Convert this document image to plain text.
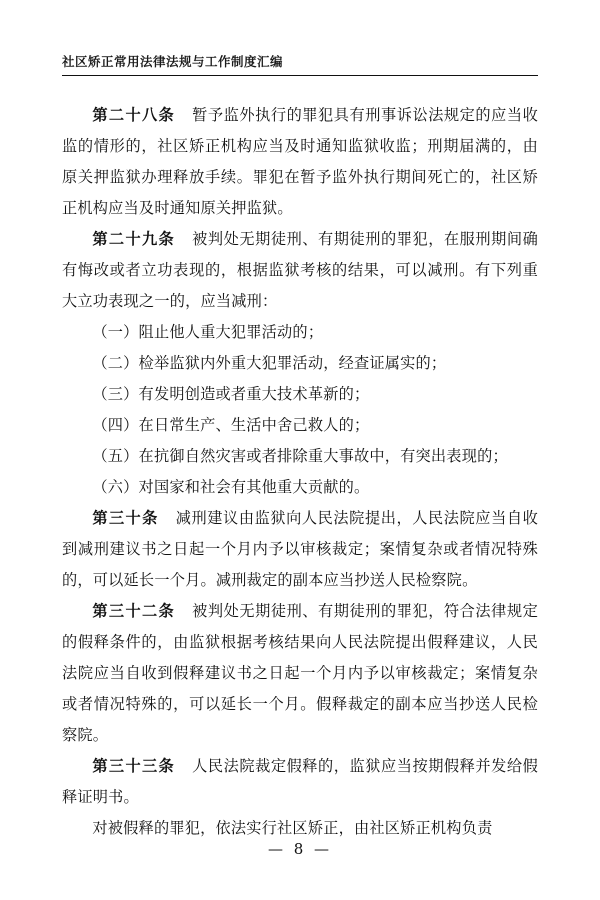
社区矫正常用法律法规与工作制度汇编

第二十八条 暂予监外执行的罪犯具有刑事诉讼法规定的应当收监的情形的，社区矫正机构应当及时通知监狱收监；刑期届满的，由原关押监狱办理释放手续。罪犯在暂予监外执行期间死亡的，社区矫正机构应当及时通知原关押监狱。

第二十九条 被判处无期徒刑、有期徒刑的罪犯，在服刑期间确有悔改或者立功表现的，根据监狱考核的结果，可以减刑。有下列重大立功表现之一的，应当减刑：

（一）阻止他人重大犯罪活动的；

（二）检举监狱内外重大犯罪活动，经查证属实的；

（三）有发明创造或者重大技术革新的；

（四）在日常生产、生活中舍己救人的；

（五）在抗御自然灾害或者排除重大事故中，有突出表现的；

（六）对国家和社会有其他重大贡献的。

第三十条 减刑建议由监狱向人民法院提出，人民法院应当自收到减刑建议书之日起一个月内予以审核裁定；案情复杂或者情况特殊的，可以延长一个月。减刑裁定的副本应当抄送人民检察院。

第三十二条 被判处无期徒刑、有期徒刑的罪犯，符合法律规定的假释条件的，由监狱根据考核结果向人民法院提出假释建议，人民法院应当自收到假释建议书之日起一个月内予以审核裁定；案情复杂或者情况特殊的，可以延长一个月。假释裁定的副本应当抄送人民检察院。

第三十三条 人民法院裁定假释的，监狱应当按期假释并发给假释证明书。

对被假释的罪犯，依法实行社区矫正，由社区矫正机构负责

— 8 —
